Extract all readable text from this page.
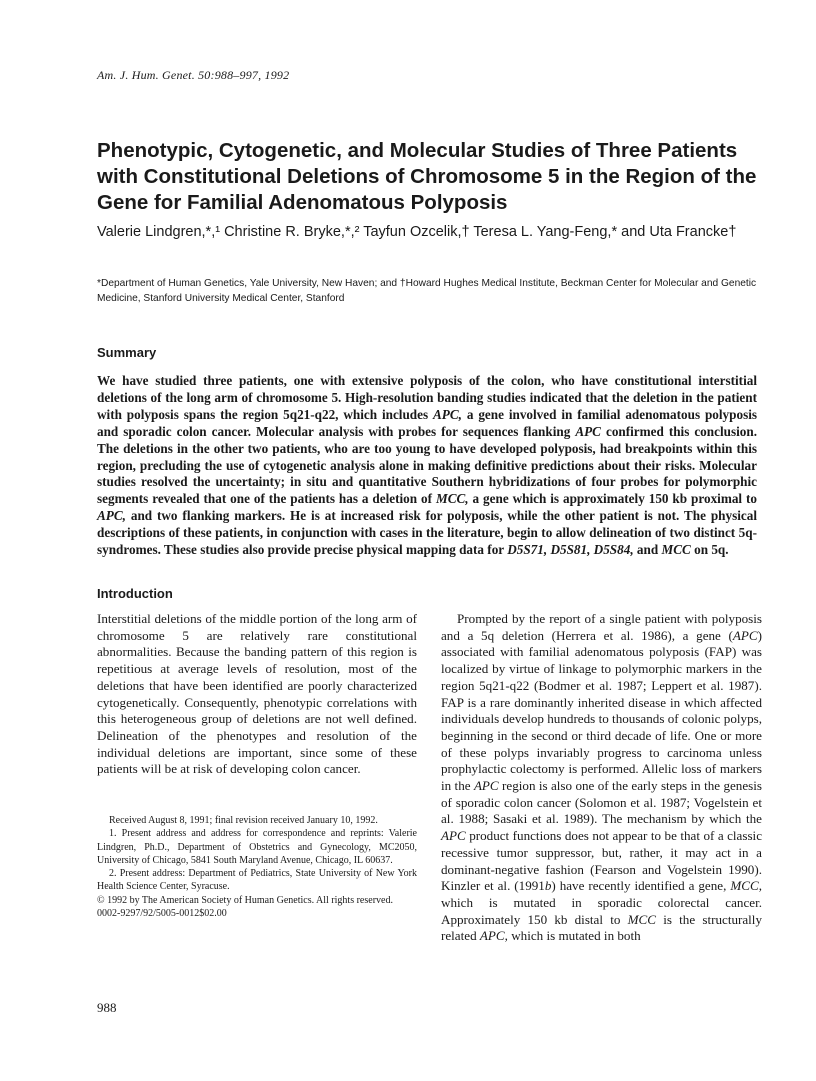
Am. J. Hum. Genet. 50:988–997, 1992
Phenotypic, Cytogenetic, and Molecular Studies of Three Patients with Constitutional Deletions of Chromosome 5 in the Region of the Gene for Familial Adenomatous Polyposis
Valerie Lindgren,*,¹ Christine R. Bryke,*,² Tayfun Ozcelik,† Teresa L. Yang-Feng,* and Uta Francke†
*Department of Human Genetics, Yale University, New Haven; and †Howard Hughes Medical Institute, Beckman Center for Molecular and Genetic Medicine, Stanford University Medical Center, Stanford
Summary

We have studied three patients, one with extensive polyposis of the colon, who have constitutional interstitial deletions of the long arm of chromosome 5. High-resolution banding studies indicated that the deletion in the patient with polyposis spans the region 5q21-q22, which includes APC, a gene involved in familial adenomatous polyposis and sporadic colon cancer. Molecular analysis with probes for sequences flanking APC confirmed this conclusion. The deletions in the other two patients, who are too young to have developed polyposis, had breakpoints within this region, precluding the use of cytogenetic analysis alone in making definitive predictions about their risks. Molecular studies resolved the uncertainty; in situ and quantitative Southern hybridizations of four probes for polymorphic segments revealed that one of the patients has a deletion of MCC, a gene which is approximately 150 kb proximal to APC, and two flanking markers. He is at increased risk for polyposis, while the other patient is not. The physical descriptions of these patients, in conjunction with cases in the literature, begin to allow delineation of two distinct 5q- syndromes. These studies also provide precise physical mapping data for D5S71, D5S81, D5S84, and MCC on 5q.

Introduction

Interstitial deletions of the middle portion of the long arm of chromosome 5 are relatively rare constitutional abnormalities. Because the banding pattern of this region is repetitious at average levels of resolution, most of the deletions that have been identified are poorly characterized cytogenetically. Consequently, phenotypic correlations with this heterogeneous group of deletions are not well defined. Delineation of the phenotypes and resolution of the individual deletions are important, since some of these patients will be at risk of developing colon cancer.

Prompted by the report of a single patient with polyposis and a 5q deletion (Herrera et al. 1986), a gene (APC) associated with familial adenomatous polyposis (FAP) was localized by virtue of linkage to polymorphic markers in the region 5q21-q22 (Bodmer et al. 1987; Leppert et al. 1987). FAP is a rare dominantly inherited disease in which affected individuals develop hundreds to thousands of colonic polyps, beginning in the second or third decade of life. One or more of these polyps invariably progress to carcinoma unless prophylactic colectomy is performed. Allelic loss of markers in the APC region is also one of the early steps in the genesis of sporadic colon cancer (Solomon et al. 1987; Vogelstein et al. 1988; Sasaki et al. 1989). The mechanism by which the APC product functions does not appear to be that of a classic recessive tumor suppressor, but, rather, it may act in a dominant-negative fashion (Fearson and Vogelstein 1990). Kinzler et al. (1991b) have recently identified a gene, MCC, which is mutated in sporadic colorectal cancer. Approximately 150 kb distal to MCC is the structurally related APC, which is mutated in both

Received August 8, 1991; final revision received January 10, 1992.

1. Present address and address for correspondence and reprints: Valerie Lindgren, Ph.D., Department of Obstetrics and Gynecology, MC2050, University of Chicago, 5841 South Maryland Avenue, Chicago, IL 60637.

2. Present address: Department of Pediatrics, State University of New York Health Science Center, Syracuse.

© 1992 by The American Society of Human Genetics. All rights reserved.

0002-9297/92/5005-0012$02.00

988
